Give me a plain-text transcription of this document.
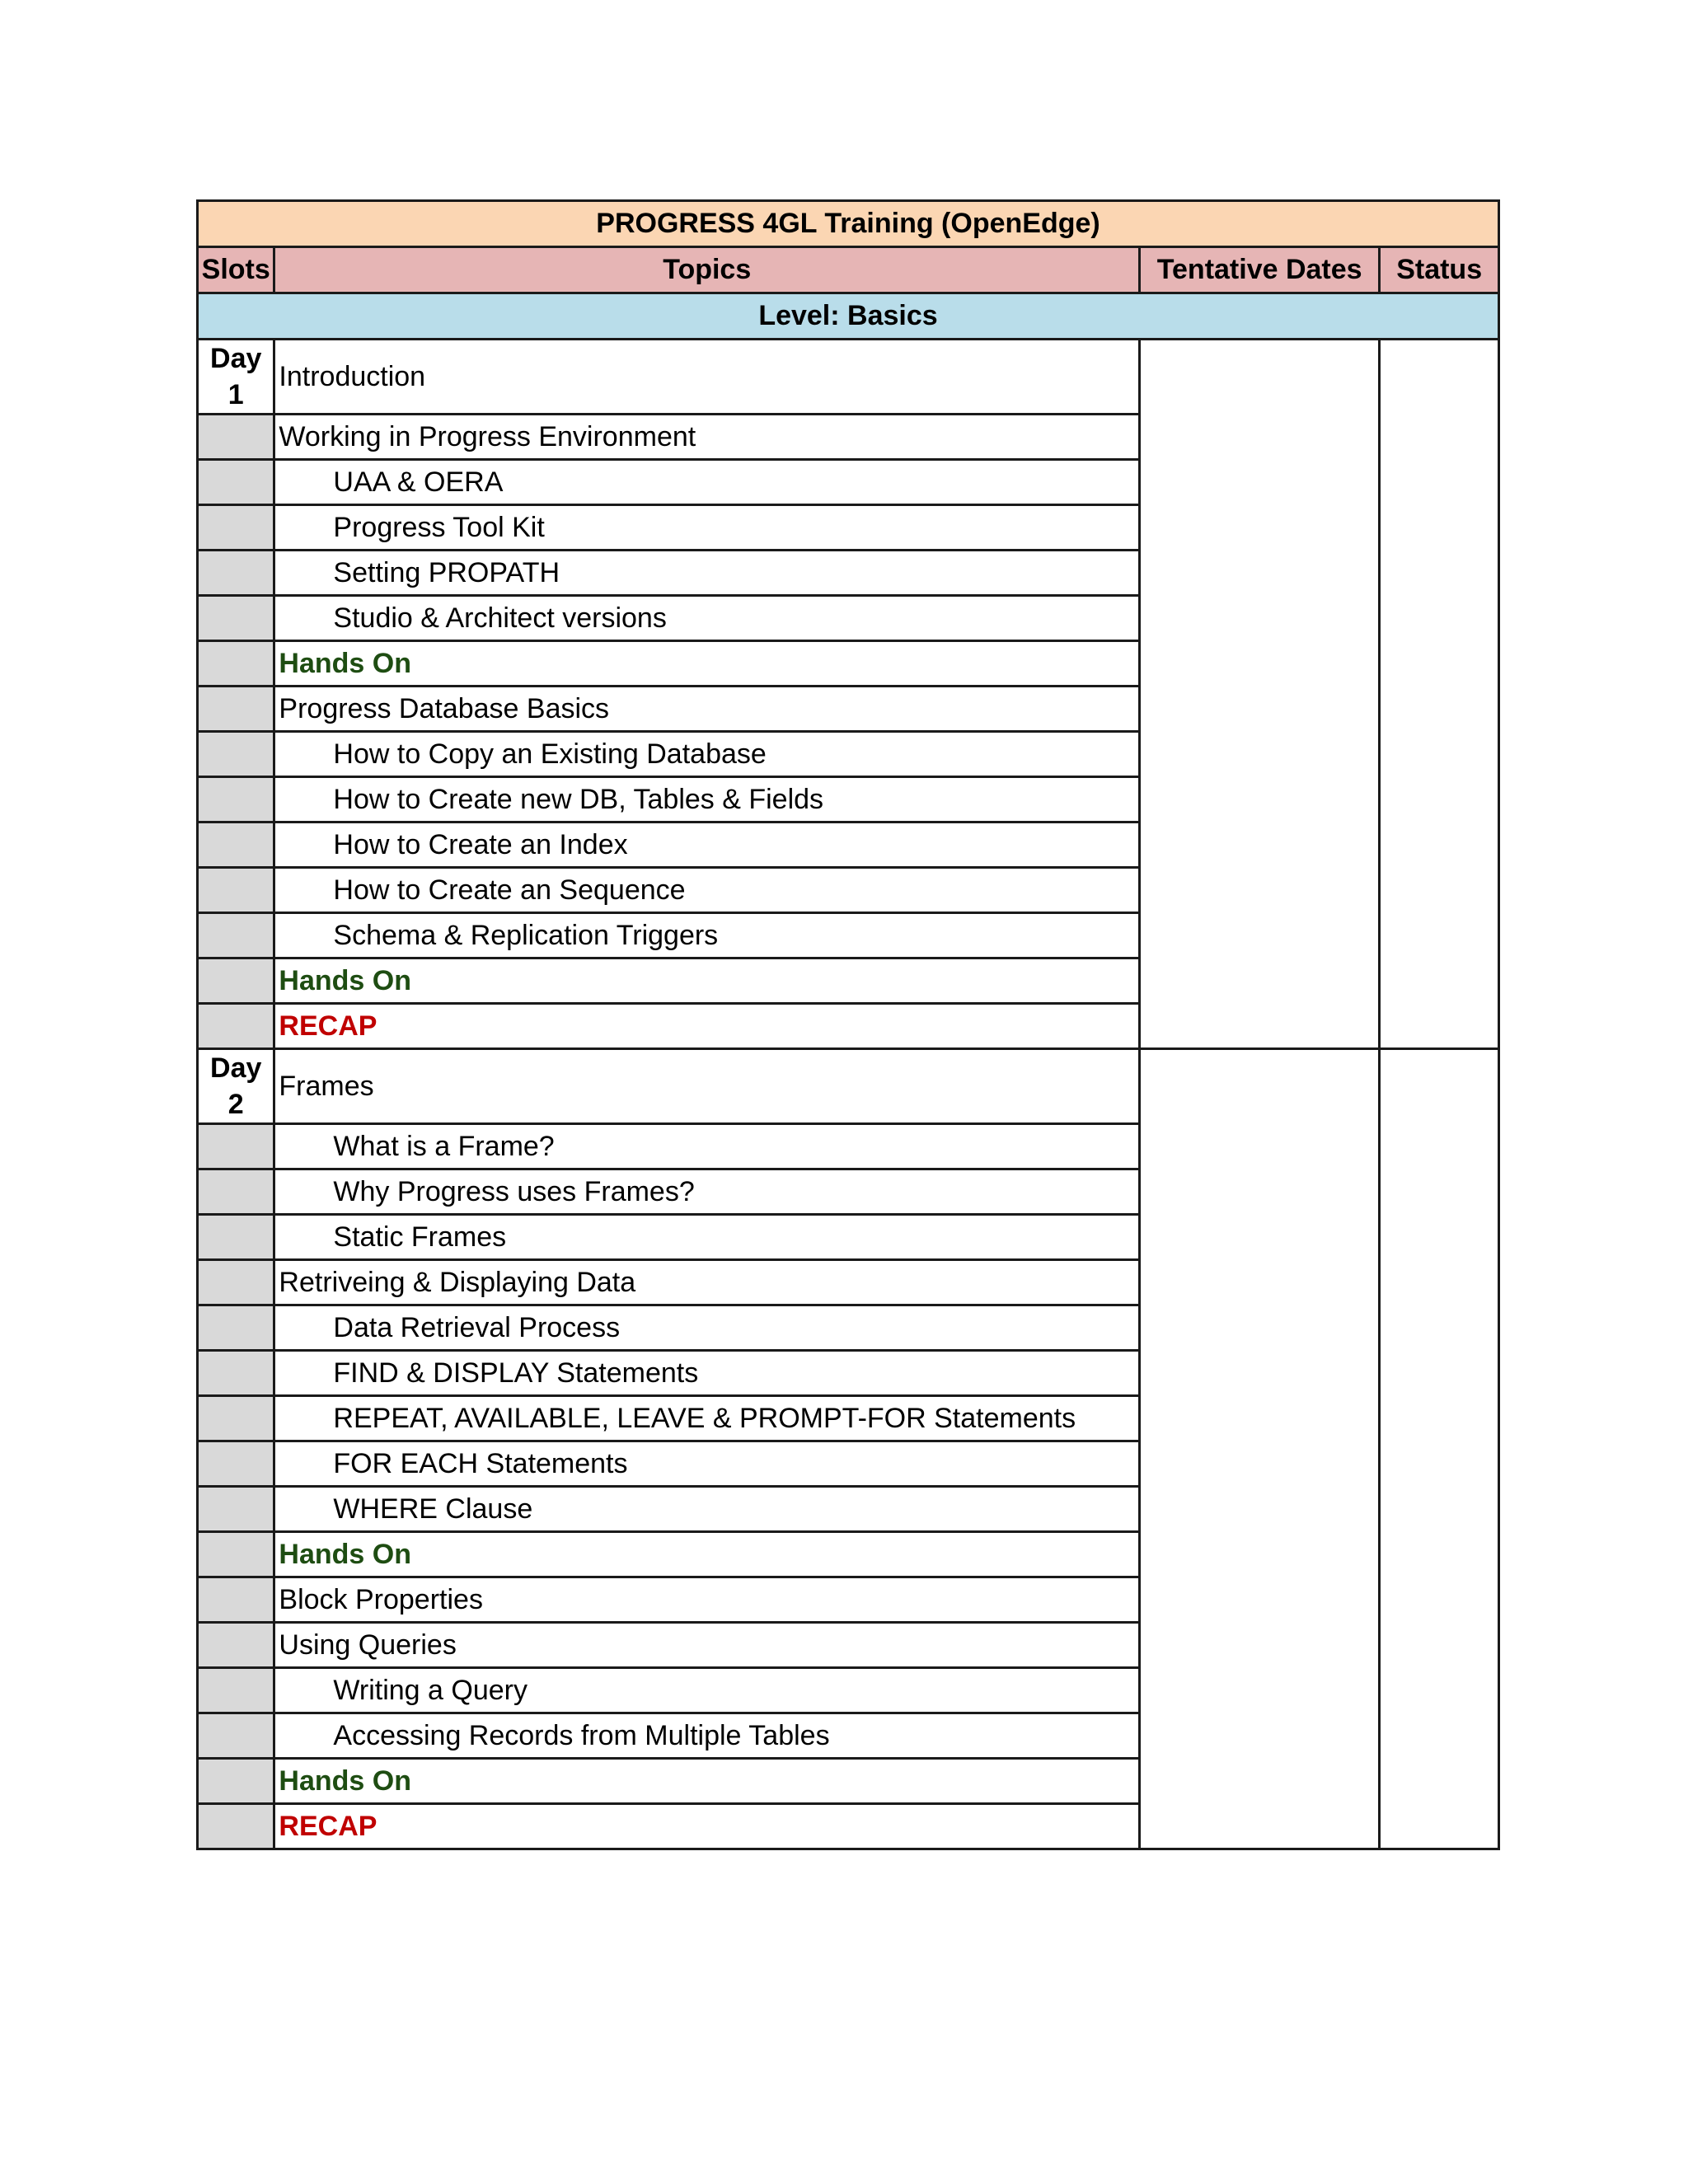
PROGRESS 4GL Training (OpenEdge)			
Slots	Topics	Tentative Dates	Status
Level: Basics			

Day
1	Introduction		
	Working in Progress Environment		
	UAA & OERA		
	Progress Tool Kit		
	Setting PROPATH		
	Studio & Architect versions		
	Hands On		
	Progress Database Basics		
	How to Copy an Existing Database		
	How to Create new DB, Tables & Fields		
	How to Create an Index		
	How to Create an Sequence		
	Schema & Replication Triggers		
	Hands On		
	RECAP		

Day
2	Frames		
	What is a Frame?		
	Why Progress uses Frames?		
	Static Frames		
	Retriveing & Displaying Data		
	Data Retrieval Process		
	FIND & DISPLAY Statements		
	REPEAT, AVAILABLE, LEAVE & PROMPT-FOR Statements		
	FOR EACH Statements		
	WHERE Clause		
	Hands On		
	Block Properties		
	Using Queries		
	Writing a Query		
	Accessing Records from Multiple Tables		
	Hands On		
	RECAP		
